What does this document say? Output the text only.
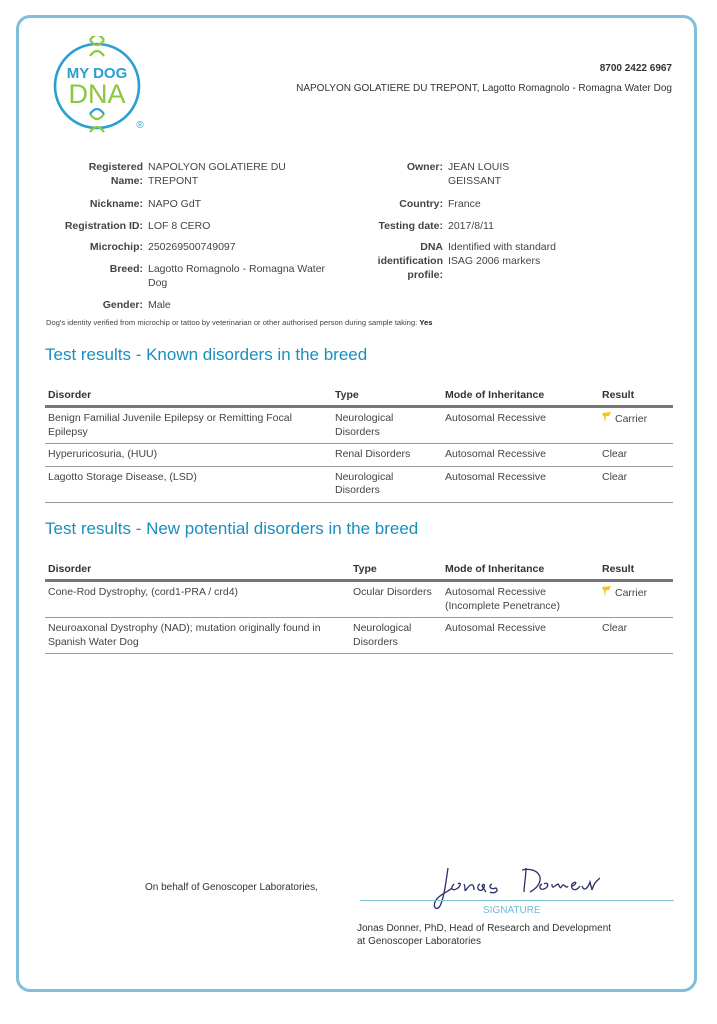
MY DOG
DNA
®
8700 2422 6967
NAPOLYON GOLATIERE DU TREPONT, Lagotto Romagnolo - Romagna Water Dog
Registered
Name:
NAPOLYON GOLATIERE DU
TREPONT
Nickname: NAPO GdT
Registration ID: LOF 8 CERO
Microchip: 250269500749097
Breed: Lagotto Romagnolo - Romagna Water
Dog
Gender: Male
Owner: JEAN LOUIS
GEISSANT
Country: France
Testing date: 2017/8/11
DNA
identification
profile:
Identified with standard
ISAG 2006 markers
Dog's identity verified from microchip or tattoo by veterinarian or other authorised person during sample taking: Yes
Test results - Known disorders in the breed
Disorder	Type	Mode of Inheritance	Result
Benign Familial Juvenile Epilepsy or Remitting Focal Epilepsy	Neurological Disorders	Autosomal Recessive	Carrier
Hyperuricosuria, (HUU)	Renal Disorders	Autosomal Recessive	Clear
Lagotto Storage Disease, (LSD)	Neurological Disorders	Autosomal Recessive	Clear
Test results - New potential disorders in the breed
Disorder	Type	Mode of Inheritance	Result
Cone-Rod Dystrophy, (cord1-PRA / crd4)	Ocular Disorders	Autosomal Recessive (Incomplete Penetrance)	Carrier
Neuroaxonal Dystrophy (NAD); mutation originally found in Spanish Water Dog	Neurological Disorders	Autosomal Recessive	Clear
On behalf of Genoscoper Laboratories,
SIGNATURE
Jonas Donner, PhD, Head of Research and Development
at Genoscoper Laboratories
